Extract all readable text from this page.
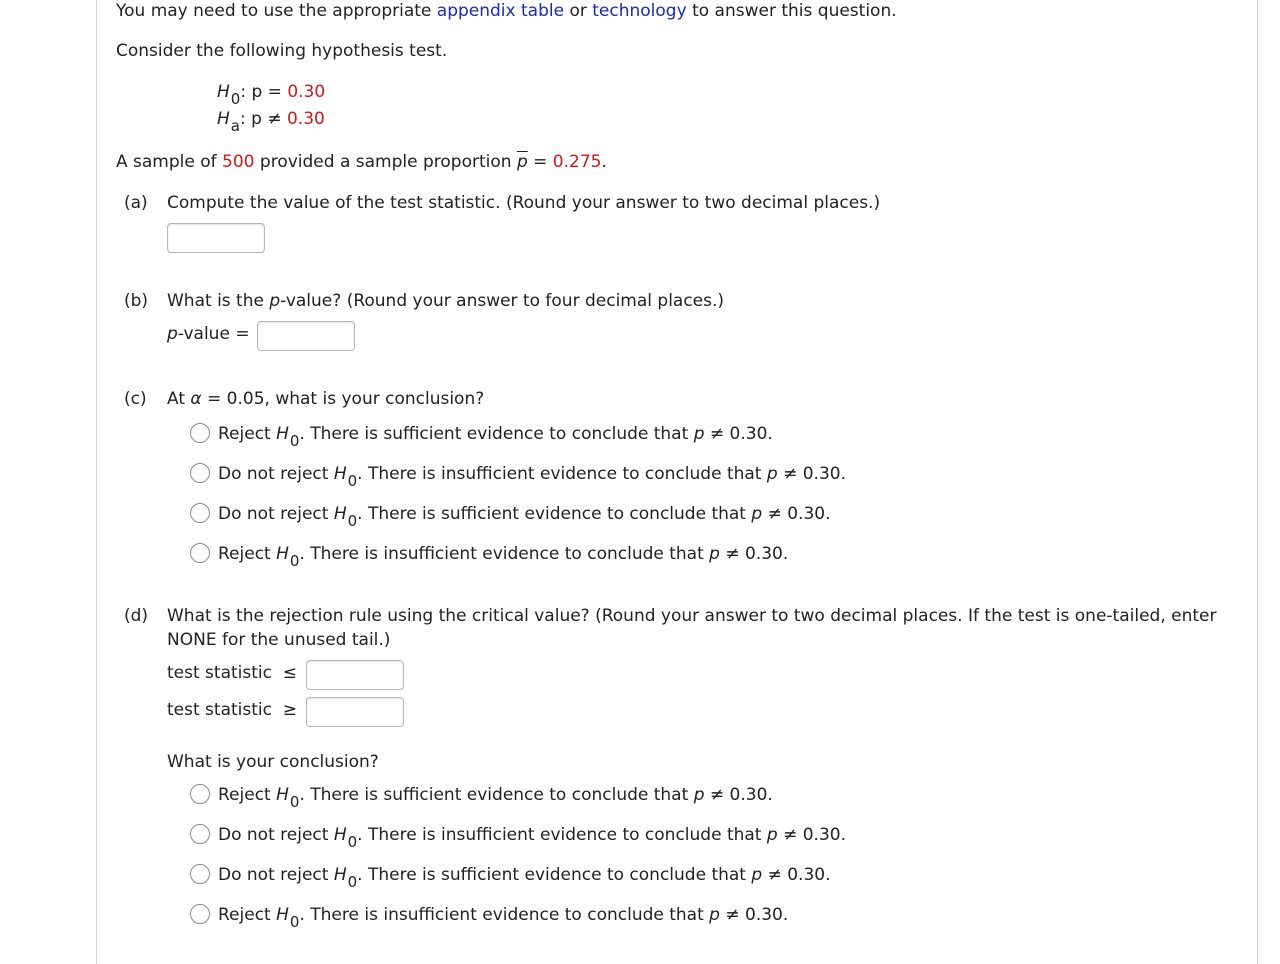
You may need to use the appropriate appendix table or technology to answer this question.
Consider the following hypothesis test.
$H_0$: p = 0.30
$H_a$: p ≠ 0.30
A sample of 500 provided a sample proportion $\overline{p} = 0.275$.
(a) Compute the value of the test statistic. (Round your answer to two decimal places.)
(b) What is the p-value? (Round your answer to four decimal places.)
p-value =
(c) At α = 0.05, what is your conclusion?
Reject $H_0$. There is sufficient evidence to conclude that p ≠ 0.30.
Do not reject $H_0$. There is insufficient evidence to conclude that p ≠ 0.30.
Do not reject $H_0$. There is sufficient evidence to conclude that p ≠ 0.30.
Reject $H_0$. There is insufficient evidence to conclude that p ≠ 0.30.
(d) What is the rejection rule using the critical value? (Round your answer to two decimal places. If the test is one-tailed, enter
NONE for the unused tail.)
test statistic  ≤
test statistic  ≥
What is your conclusion?
Reject $H_0$. There is sufficient evidence to conclude that p ≠ 0.30.
Do not reject $H_0$. There is insufficient evidence to conclude that p ≠ 0.30.
Do not reject $H_0$. There is sufficient evidence to conclude that p ≠ 0.30.
Reject $H_0$. There is insufficient evidence to conclude that p ≠ 0.30.
